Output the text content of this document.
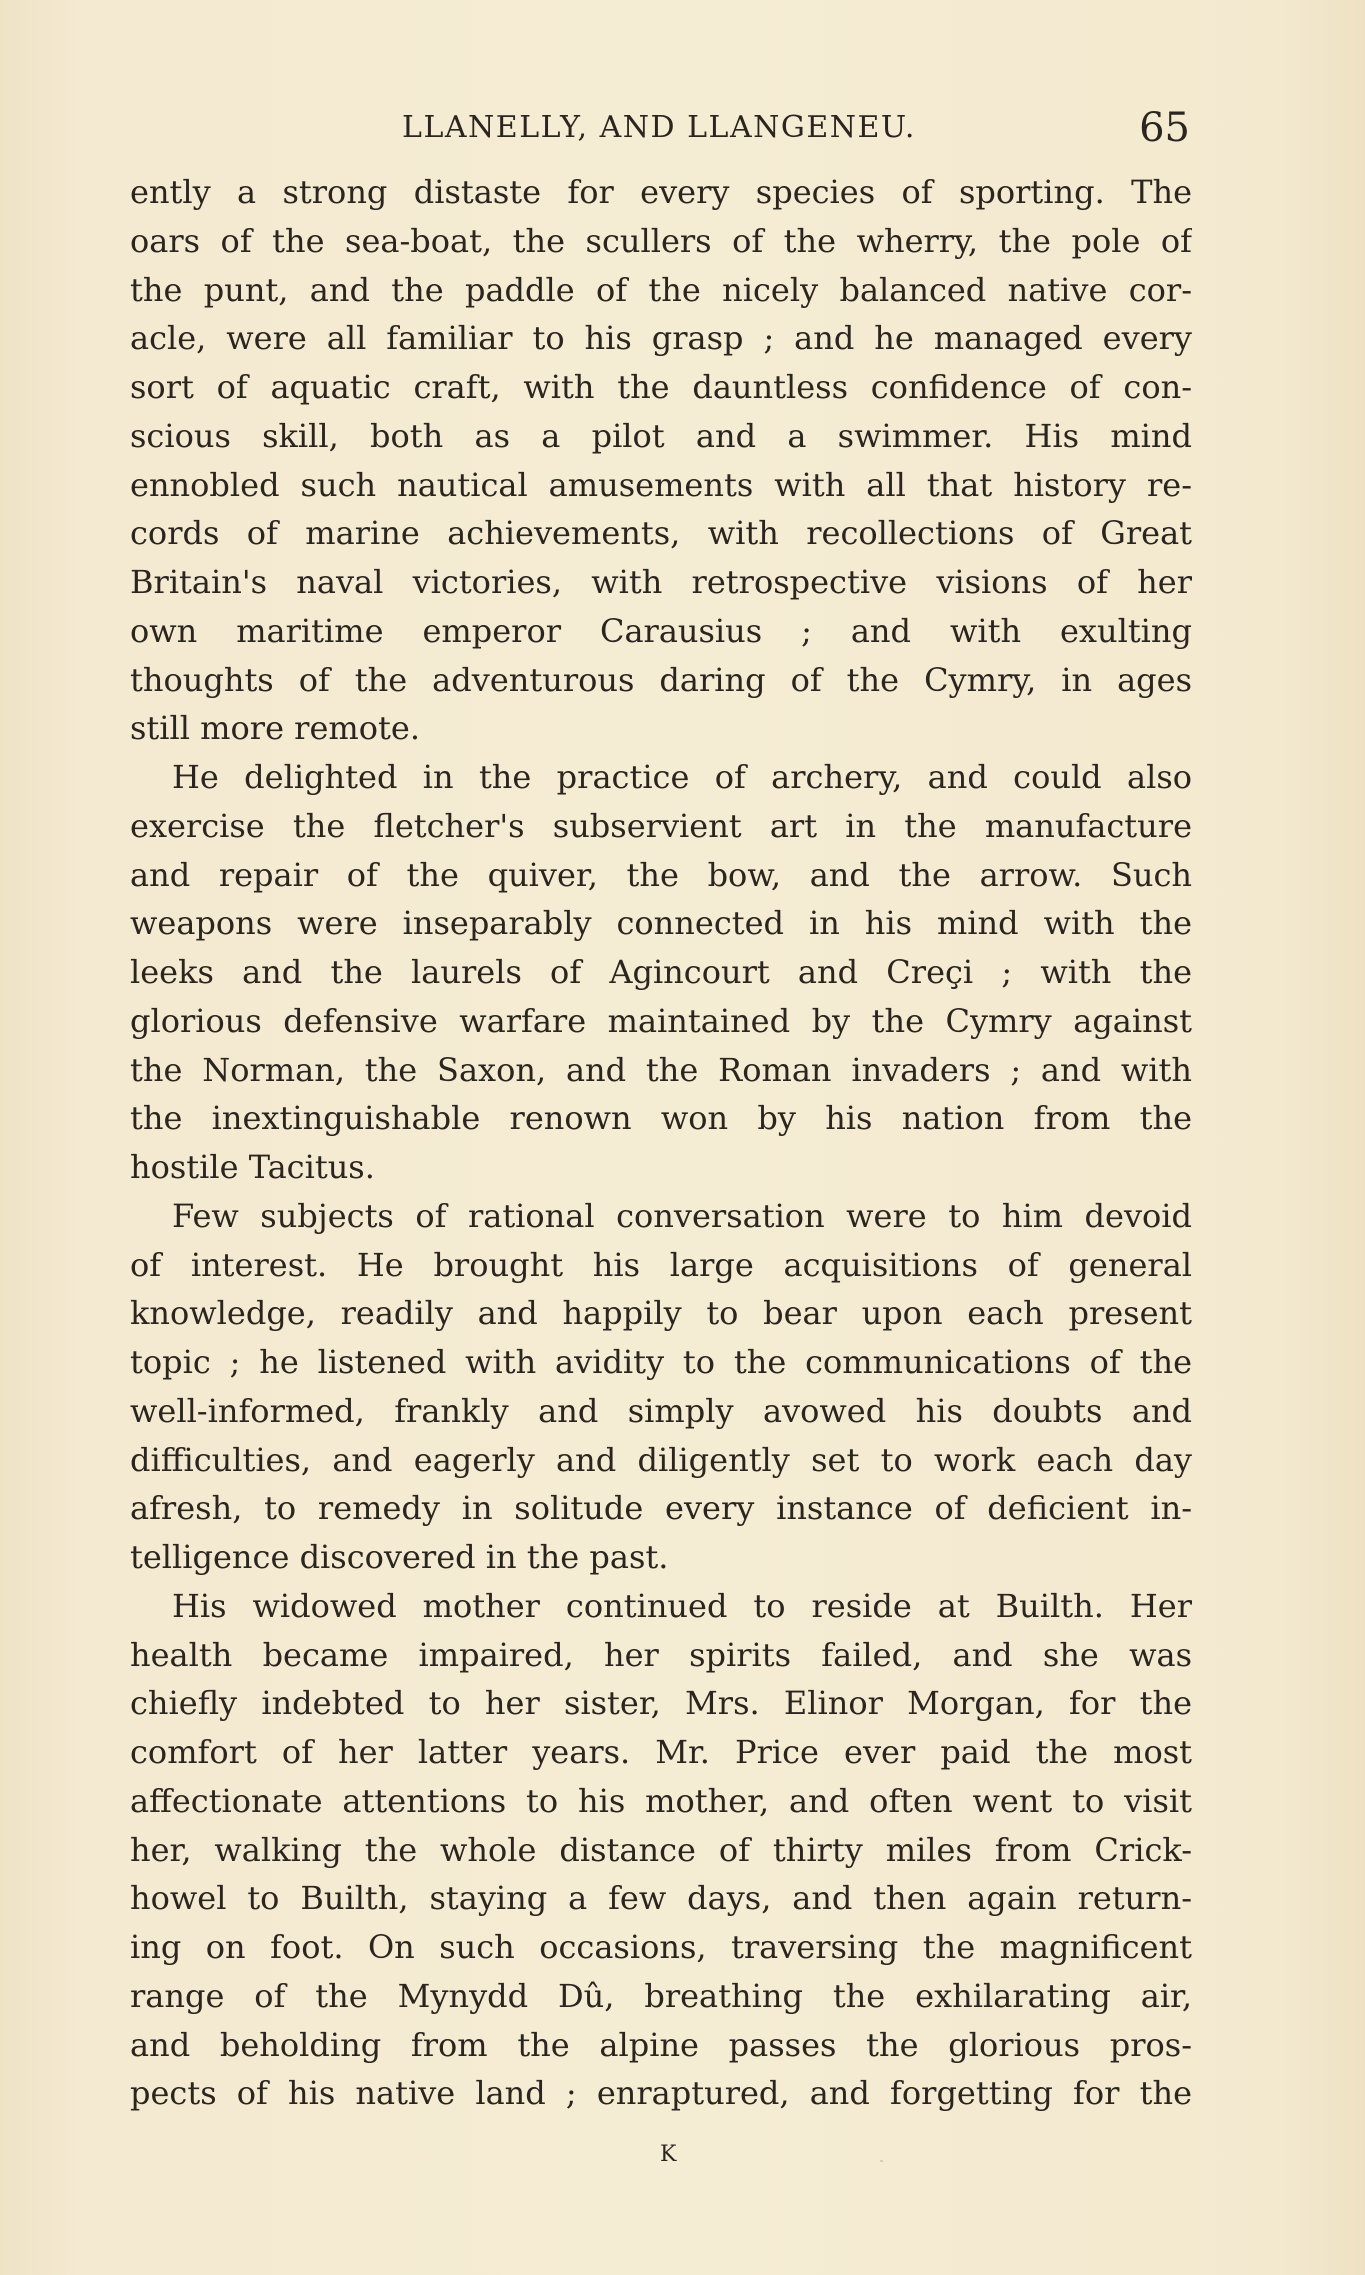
LLANELLY, AND LLANGENEU.	65
ently a strong distaste for every species of sporting. The
oars of the sea-boat, the scullers of the wherry, the pole of
the punt, and the paddle of the nicely balanced native cor-
acle, were all familiar to his grasp ; and he managed every
sort of aquatic craft, with the dauntless confidence of con-
scious skill, both as a pilot and a swimmer. His mind
ennobled such nautical amusements with all that history re-
cords of marine achievements, with recollections of Great
Britain's naval victories, with retrospective visions of her
own maritime emperor Carausius ; and with exulting
thoughts of the adventurous daring of the Cymry, in ages
still more remote.
He delighted in the practice of archery, and could also
exercise the fletcher's subservient art in the manufacture
and repair of the quiver, the bow, and the arrow. Such
weapons were inseparably connected in his mind with the
leeks and the laurels of Agincourt and Creçi ; with the
glorious defensive warfare maintained by the Cymry against
the Norman, the Saxon, and the Roman invaders ; and with
the inextinguishable renown won by his nation from the
hostile Tacitus.
Few subjects of rational conversation were to him devoid
of interest. He brought his large acquisitions of general
knowledge, readily and happily to bear upon each present
topic ; he listened with avidity to the communications of the
well-informed, frankly and simply avowed his doubts and
difficulties, and eagerly and diligently set to work each day
afresh, to remedy in solitude every instance of deficient in-
telligence discovered in the past.
His widowed mother continued to reside at Builth. Her
health became impaired, her spirits failed, and she was
chiefly indebted to her sister, Mrs. Elinor Morgan, for the
comfort of her latter years. Mr. Price ever paid the most
affectionate attentions to his mother, and often went to visit
her, walking the whole distance of thirty miles from Crick-
howel to Builth, staying a few days, and then again return-
ing on foot. On such occasions, traversing the magnificent
range of the Mynydd Dû, breathing the exhilarating air,
and beholding from the alpine passes the glorious pros-
pects of his native land ; enraptured, and forgetting for the
K
